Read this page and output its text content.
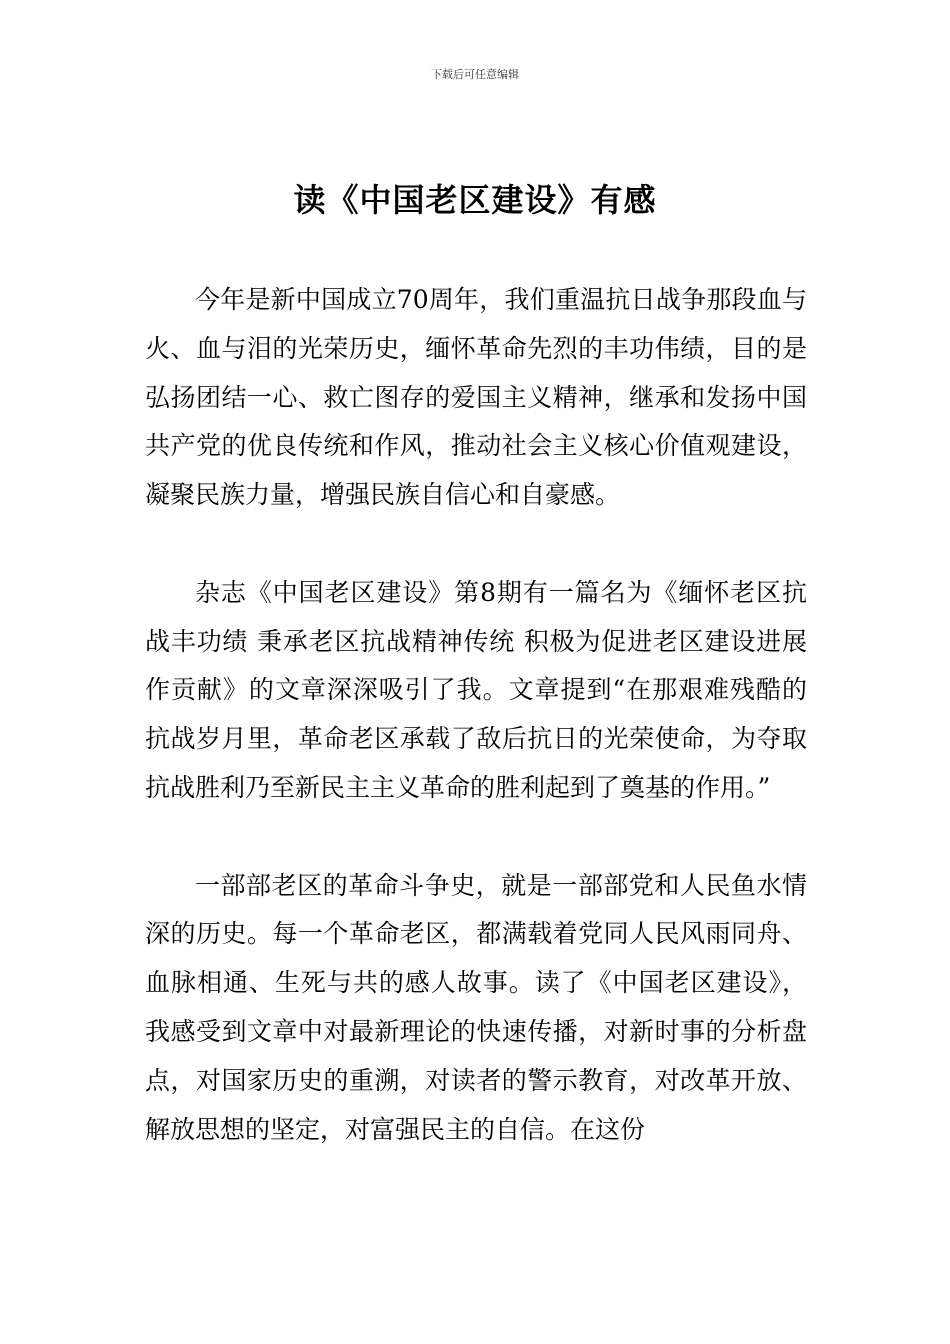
下载后可任意编辑
读《中国老区建设》有感

今年是新中国成立70周年，我们重温抗日战争那段血与火、血与泪的光荣历史，缅怀革命先烈的丰功伟绩，目的是弘扬团结一心、救亡图存的爱国主义精神，继承和发扬中国共产党的优良传统和作风，推动社会主义核心价值观建设，凝聚民族力量，增强民族自信心和自豪感。

杂志《中国老区建设》第8期有一篇名为《缅怀老区抗战丰功绩 秉承老区抗战精神传统 积极为促进老区建设进展作贡献》的文章深深吸引了我。文章提到“在那艰难残酷的抗战岁月里，革命老区承载了敌后抗日的光荣使命，为夺取抗战胜利乃至新民主主义革命的胜利起到了奠基的作用。”

一部部老区的革命斗争史，就是一部部党和人民鱼水情深的历史。每一个革命老区，都满载着党同人民风雨同舟、血脉相通、生死与共的感人故事。读了《中国老区建设》，我感受到文章中对最新理论的快速传播，对新时事的分析盘点，对国家历史的重溯，对读者的警示教育，对改革开放、解放思想的坚定，对富强民主的自信。在这份
